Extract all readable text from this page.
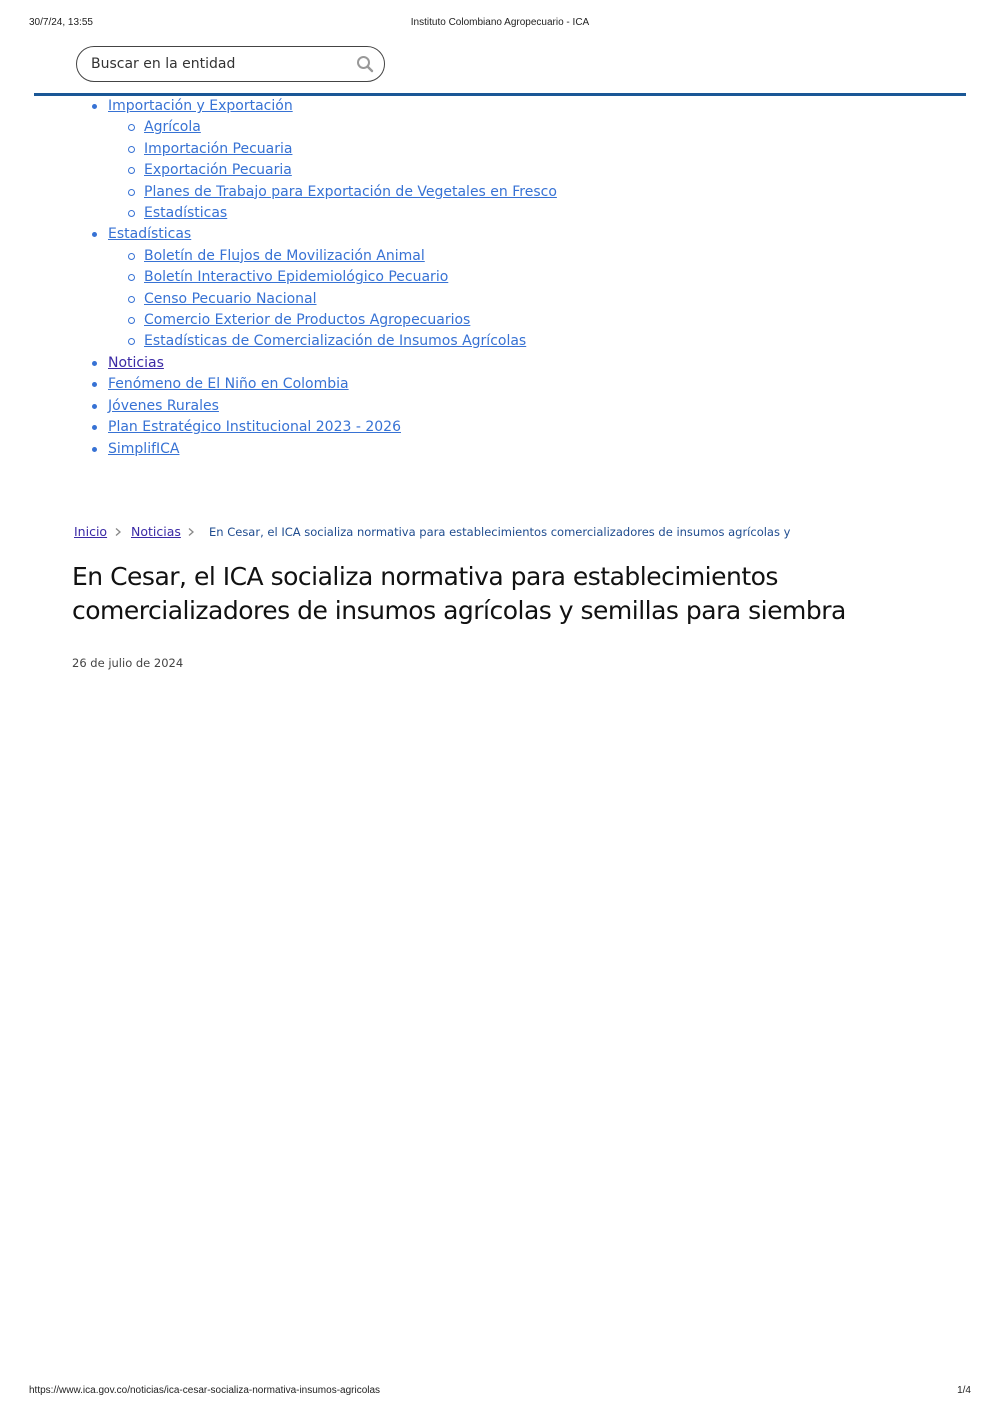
30/7/24, 13:55	Instituto Colombiano Agropecuario - ICA
Buscar en la entidad
Importación y Exportación
Agrícola
Importación Pecuaria
Exportación Pecuaria
Planes de Trabajo para Exportación de Vegetales en Fresco
Estadísticas
Estadísticas
Boletín de Flujos de Movilización Animal
Boletín Interactivo Epidemiológico Pecuario
Censo Pecuario Nacional
Comercio Exterior de Productos Agropecuarios
Estadísticas de Comercialización de Insumos Agrícolas
Noticias
Fenómeno de El Niño en Colombia
Jóvenes Rurales
Plan Estratégico Institucional 2023 - 2026
SimplifICA
Inicio Noticias En Cesar, el ICA socializa normativa para establecimientos comercializadores de insumos agrícolas y
En Cesar, el ICA socializa normativa para establecimientos comercializadores de insumos agrícolas y semillas para siembra
26 de julio de 2024
https://www.ica.gov.co/noticias/ica-cesar-socializa-normativa-insumos-agricolas	1/4
